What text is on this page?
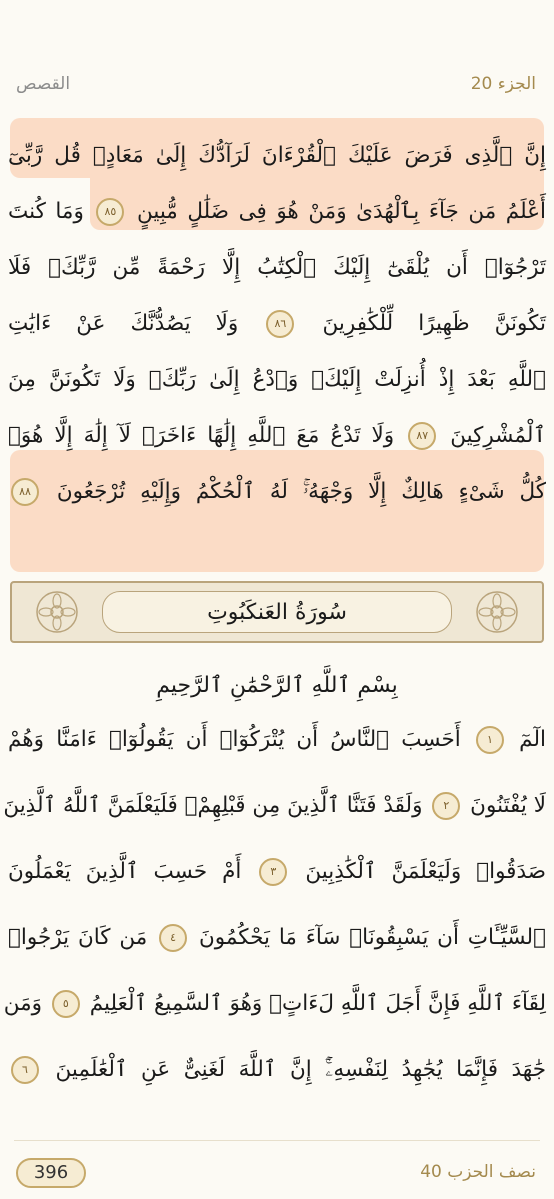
الجزء 20
القصص
إِنَّ ٱلَّذِى فَرَضَ عَلَيْكَ ٱلْقُرْءَانَ لَرَآدُّكَ إِلَىٰ مَعَادٍۚ قُل رَّبِّىٓ
أَعْلَمُ مَن جَآءَ بِٱلْهُدَىٰ وَمَنْ هُوَ فِى ضَلَٰلٍ مُّبِينٍ ٨٥ وَمَا كُنتَ
تَرْجُوٓا۟ أَن يُلْقَىٰٓ إِلَيْكَ ٱلْكِتَٰبُ إِلَّا رَحْمَةً مِّن رَّبِّكَۖ فَلَا
تَكُونَنَّ ظَهِيرًا لِّلْكَٰفِرِينَ ٨٦ وَلَا يَصُدُّنَّكَ عَنْ ءَايَٰتِ
ٱللَّهِ بَعْدَ إِذْ أُنزِلَتْ إِلَيْكَۖ وَٱدْعُ إِلَىٰ رَبِّكَۖ وَلَا تَكُونَنَّ مِنَ
ٱلْمُشْرِكِينَ ٨٧ وَلَا تَدْعُ مَعَ ٱللَّهِ إِلَٰهًا ءَاخَرَۘ لَآ إِلَٰهَ إِلَّا هُوَۚ
كُلُّ شَىْءٍ هَالِكٌ إِلَّا وَجْهَهُۥۚ لَهُ ٱلْحُكْمُ وَإِلَيْهِ تُرْجَعُونَ ٨٨
سُورَةُ العَنكَبُوتِ
بِسْمِ ٱللَّهِ ٱلرَّحْمَٰنِ ٱلرَّحِيمِ
الٓمٓ ١ أَحَسِبَ ٱلنَّاسُ أَن يُتْرَكُوٓا۟ أَن يَقُولُوٓا۟ ءَامَنَّا وَهُمْ
لَا يُفْتَنُونَ ٢ وَلَقَدْ فَتَنَّا ٱلَّذِينَ مِن قَبْلِهِمْۖ فَلَيَعْلَمَنَّ ٱللَّهُ ٱلَّذِينَ
صَدَقُوا۟ وَلَيَعْلَمَنَّ ٱلْكَٰذِبِينَ ٣ أَمْ حَسِبَ ٱلَّذِينَ يَعْمَلُونَ
ٱلسَّيِّـَٔاتِ أَن يَسْبِقُونَاۚ سَآءَ مَا يَحْكُمُونَ ٤ مَن كَانَ يَرْجُوا۟
لِقَآءَ ٱللَّهِ فَإِنَّ أَجَلَ ٱللَّهِ لَءَاتٍۚ وَهُوَ ٱلسَّمِيعُ ٱلْعَلِيمُ ٥ وَمَن
جَٰهَدَ فَإِنَّمَا يُجَٰهِدُ لِنَفْسِهِۦٓۚ إِنَّ ٱللَّهَ لَغَنِىٌّ عَنِ ٱلْعَٰلَمِينَ ٦
396	نصف الحزب 40
